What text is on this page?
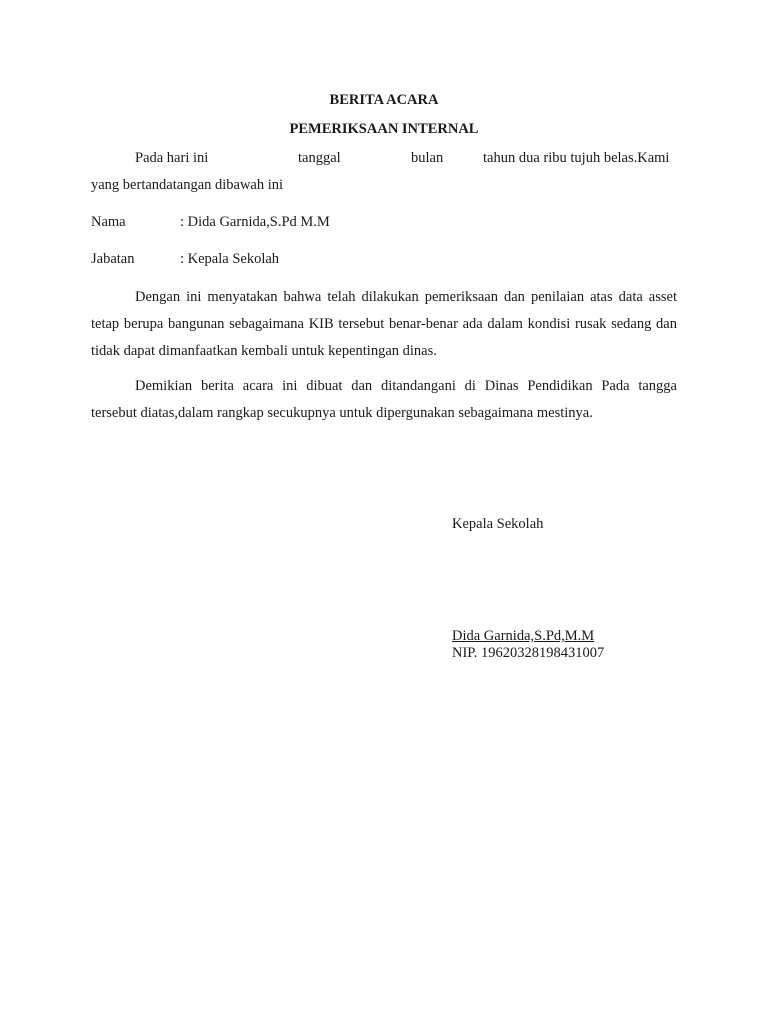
BERITA ACARA
PEMERIKSAAN INTERNAL
Pada hari ini	tanggal	bulan	tahun dua ribu tujuh belas.Kami
yang bertandatangan dibawah ini
Nama	: Dida Garnida,S.Pd M.M
Jabatan	: Kepala Sekolah
Dengan ini menyatakan bahwa telah dilakukan pemeriksaan dan penilaian atas data asset
tetap berupa bangunan sebagaimana KIB tersebut benar-benar ada dalam kondisi rusak sedang dan
tidak dapat dimanfaatkan kembali untuk kepentingan dinas.
Demikian berita acara ini dibuat dan ditandangani di Dinas Pendidikan Pada tangga
tersebut diatas,dalam rangkap secukupnya untuk dipergunakan sebagaimana mestinya.
Kepala Sekolah
Dida Garnida,S.Pd,M.M
NIP. 19620328198431007
